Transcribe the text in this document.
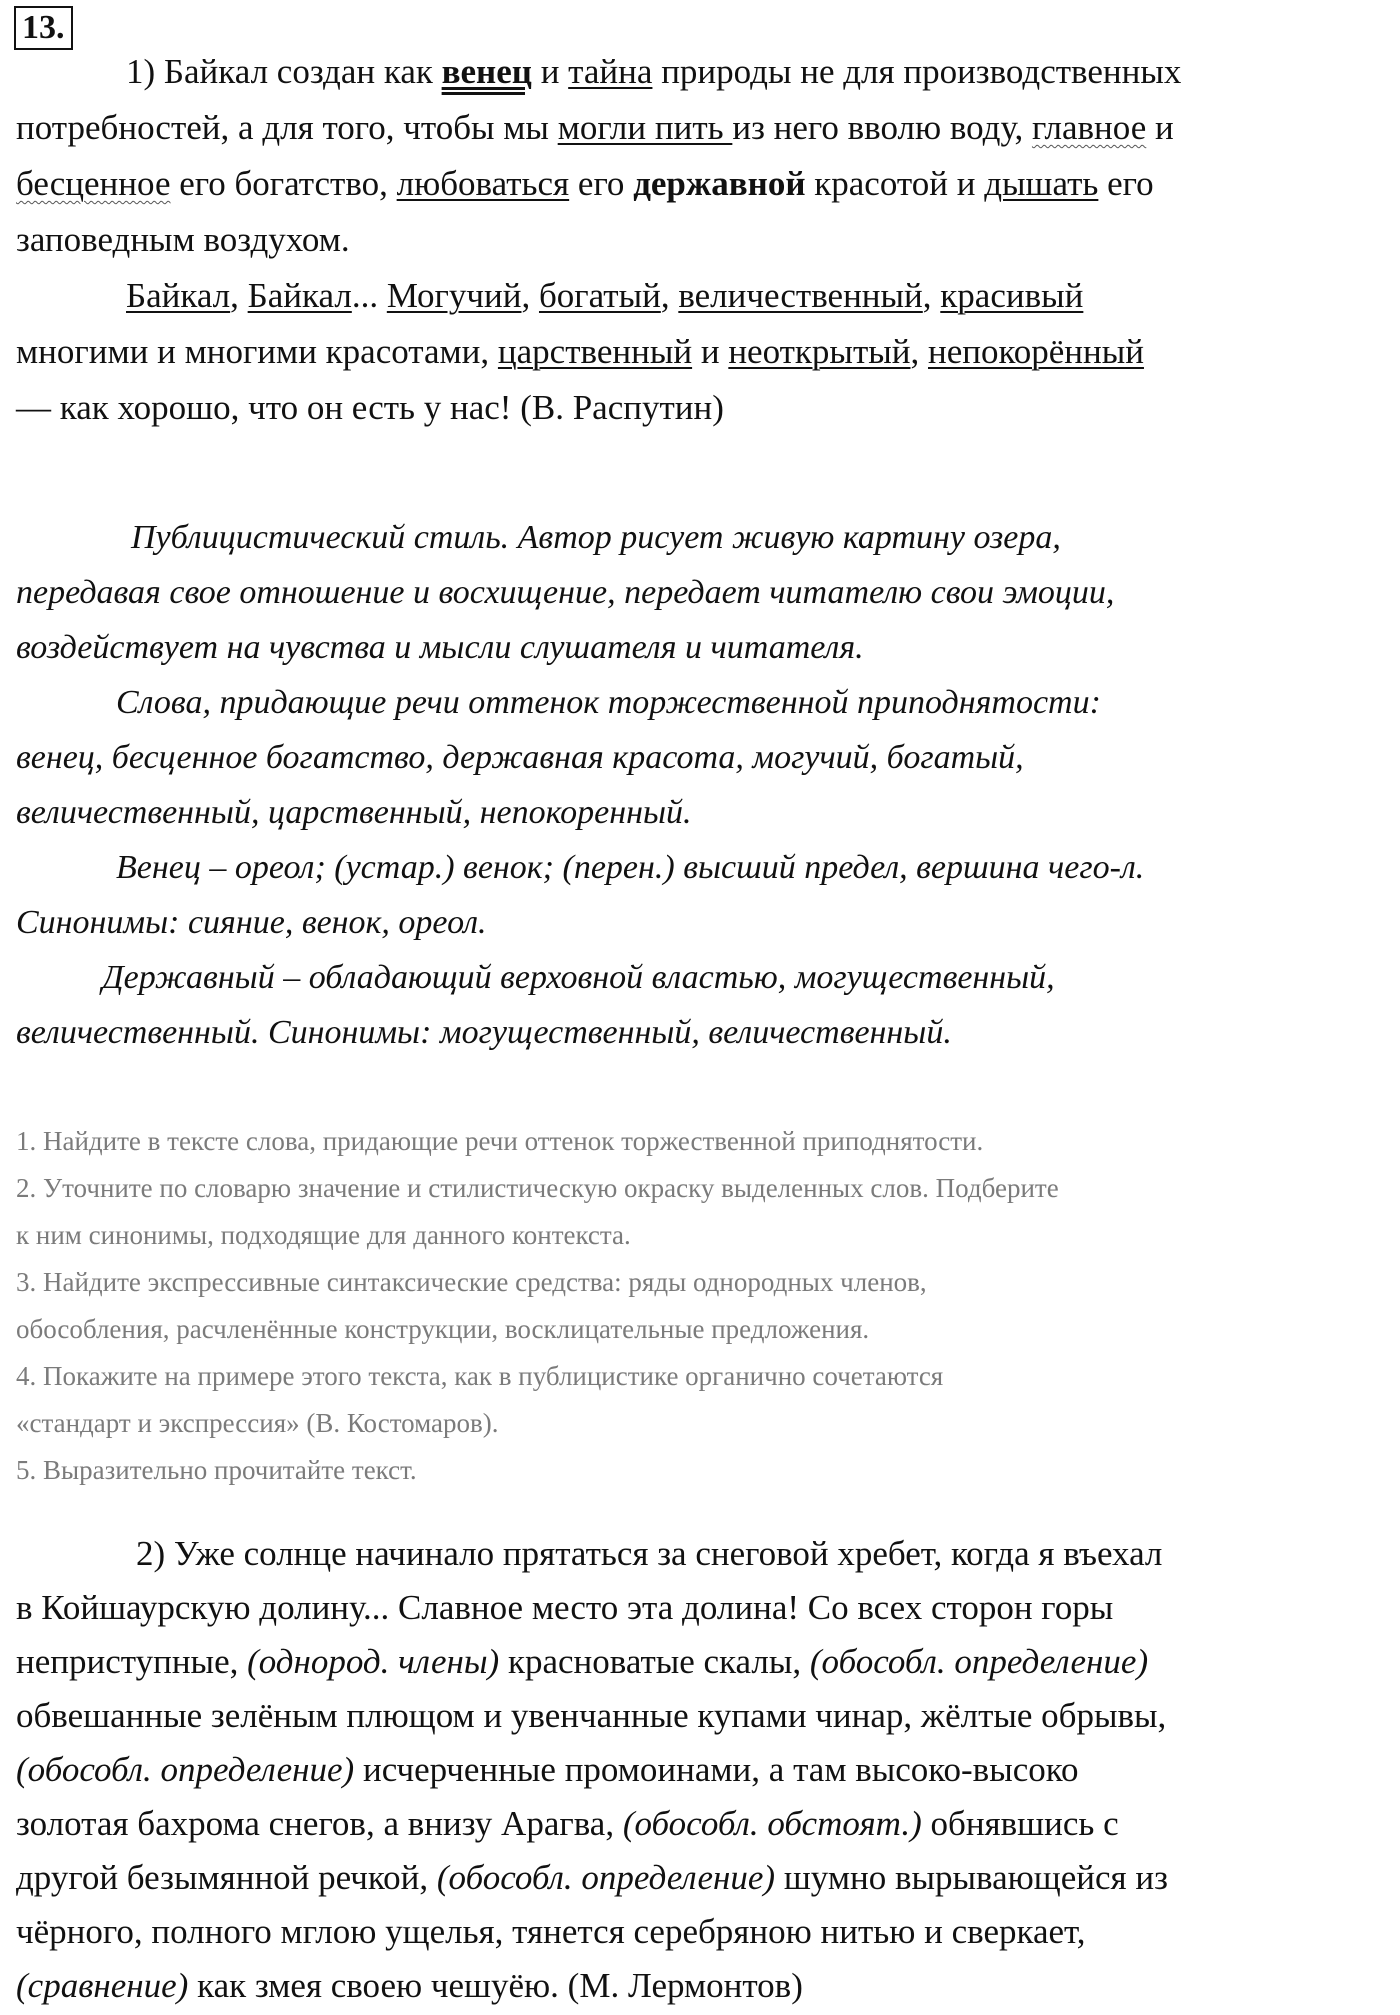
13.
1) Байкал создан как венец и тайна природы не для производственных
потребностей, а для того, чтобы мы могли пить из него вволю воду, главное и
бесценное его богатство, любоваться его державной красотой и дышать его
заповедным воздухом.
Байкал, Байкал... Могучий, богатый, величественный, красивый
многими и многими красотами, царственный и неоткрытый, непокорённый
— как хорошо, что он есть у нас! (В. Распутин)
Публицистический стиль. Автор рисует живую картину озера,
передавая свое отношение и восхищение, передает читателю свои эмоции,
воздействует на чувства и мысли слушателя и читателя.
Слова, придающие речи оттенок торжественной приподнятости:
венец, бесценное богатство, державная красота, могучий, богатый,
величественный, царственный, непокоренный.
Венец – ореол; (устар.) венок; (перен.) высший предел, вершина чего-л.
Синонимы: сияние, венок, ореол.
Державный – обладающий верховной властью, могущественный,
величественный. Синонимы: могущественный, величественный.
1. Найдите в тексте слова, придающие речи оттенок торжественной приподнятости.
2. Уточните по словарю значение и стилистическую окраску выделенных слов. Подберите
к ним синонимы, подходящие для данного контекста.
3. Найдите экспрессивные синтаксические средства: ряды однородных членов,
обособления, расчленённые конструкции, восклицательные предложения.
4. Покажите на примере этого текста, как в публицистике органично сочетаются
«стандарт и экспрессия» (В. Костомаров).
5. Выразительно прочитайте текст.
2) Уже солнце начинало прятаться за снеговой хребет, когда я въехал
в Койшаурскую долину... Славное место эта долина! Со всех сторон горы
неприступные, (однород. члены) красноватые скалы, (обособл. определение)
обвешанные зелёным плющом и увенчанные купами чинар, жёлтые обрывы,
(обособл. определение) исчерченные промоинами, а там высоко-высоко
золотая бахрома снегов, а внизу Арагва, (обособл. обстоят.) обнявшись с
другой безымянной речкой, (обособл. определение) шумно вырывающейся из
чёрного, полного мглою ущелья, тянется серебряною нитью и сверкает,
(сравнение) как змея своею чешуёю. (М. Лермонтов)
